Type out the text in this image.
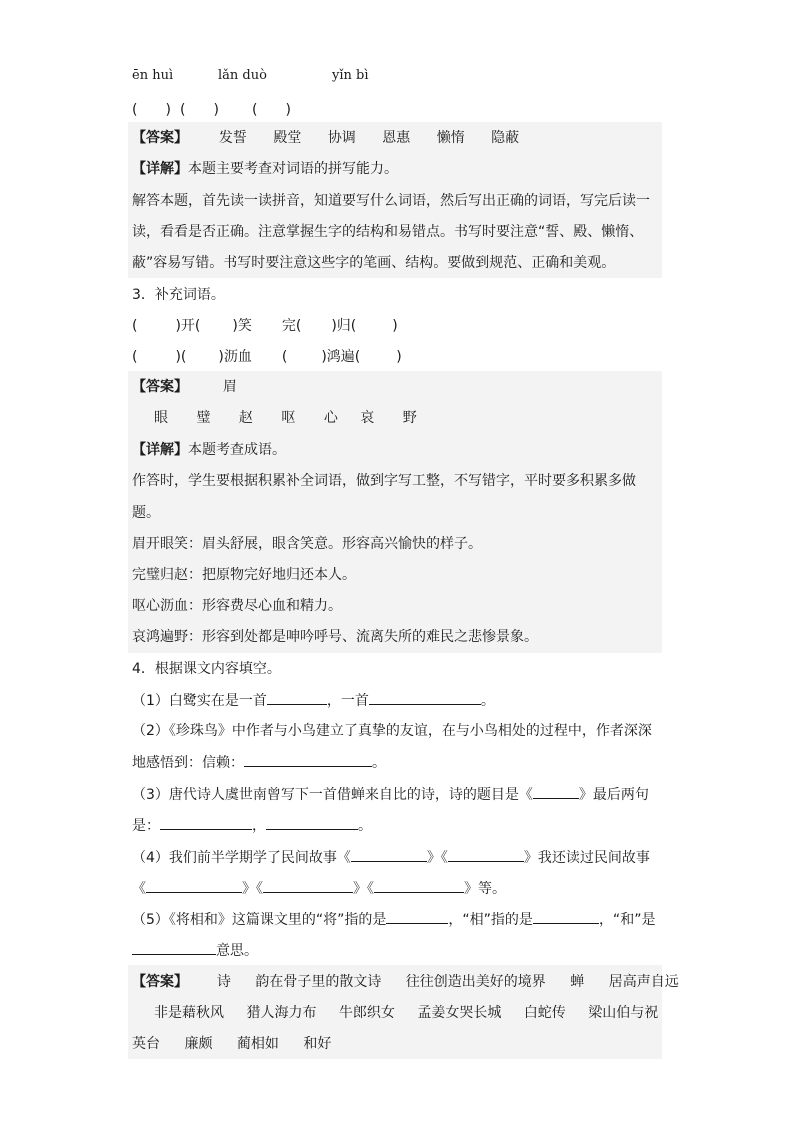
ēn huì	lǎn duò	yǐn bì
(　　) (　　) (　　)
【答案】 发誓 殿堂 协调 恩惠 懒惰 隐蔽
【详解】本题主要考查对词语的拼写能力。
解答本题，首先读一读拼音，知道要写什么词语，然后写出正确的词语，写完后读一
读，看看是否正确。注意掌握生字的结构和易错点。书写时要注意“誓、殿、懒惰、
蔽”容易写错。书写时要注意这些字的笔画、结构。要做到规范、正确和美观。
3．补充词语。
(	)开( )笑 完( )归(	)
(	)( )沥血 ( )鸿遍(	)
【答案】 眉
眼 璧 赵 呕 心 哀 野
【详解】本题考查成语。
作答时，学生要根据积累补全词语，做到字写工整，不写错字，平时要多积累多做
题。
眉开眼笑：眉头舒展，眼含笑意。形容高兴愉快的样子。
完璧归赵：把原物完好地归还本人。
呕心沥血：形容费尽心血和精力。
哀鸿遍野：形容到处都是呻吟呼号、流离失所的难民之悲惨景象。
4．根据课文内容填空。
（1）白鹭实在是一首	，一首	。
（2）《珍珠鸟》中作者与小鸟建立了真挚的友谊，在与小鸟相处的过程中，作者深深
地感悟到：信赖：	。
（3）唐代诗人虞世南曾写下一首借蝉来自比的诗，诗的题目是《	》最后两句
是：	，	。
（4）我们前半学期学了民间故事《	》《	》我还读过民间故事
《	》《	》《	》等。
（5）《将相和》这篇课文里的“将”指的是	，“相”指的是	，“和”是
意思。
【答案】 诗 韵在骨子里的散文诗 往往创造出美好的境界 蝉 居高声自远
非是藉秋风 猎人海力布 牛郎织女 孟姜女哭长城 白蛇传 梁山伯与祝
英台 廉颇 蔺相如 和好
